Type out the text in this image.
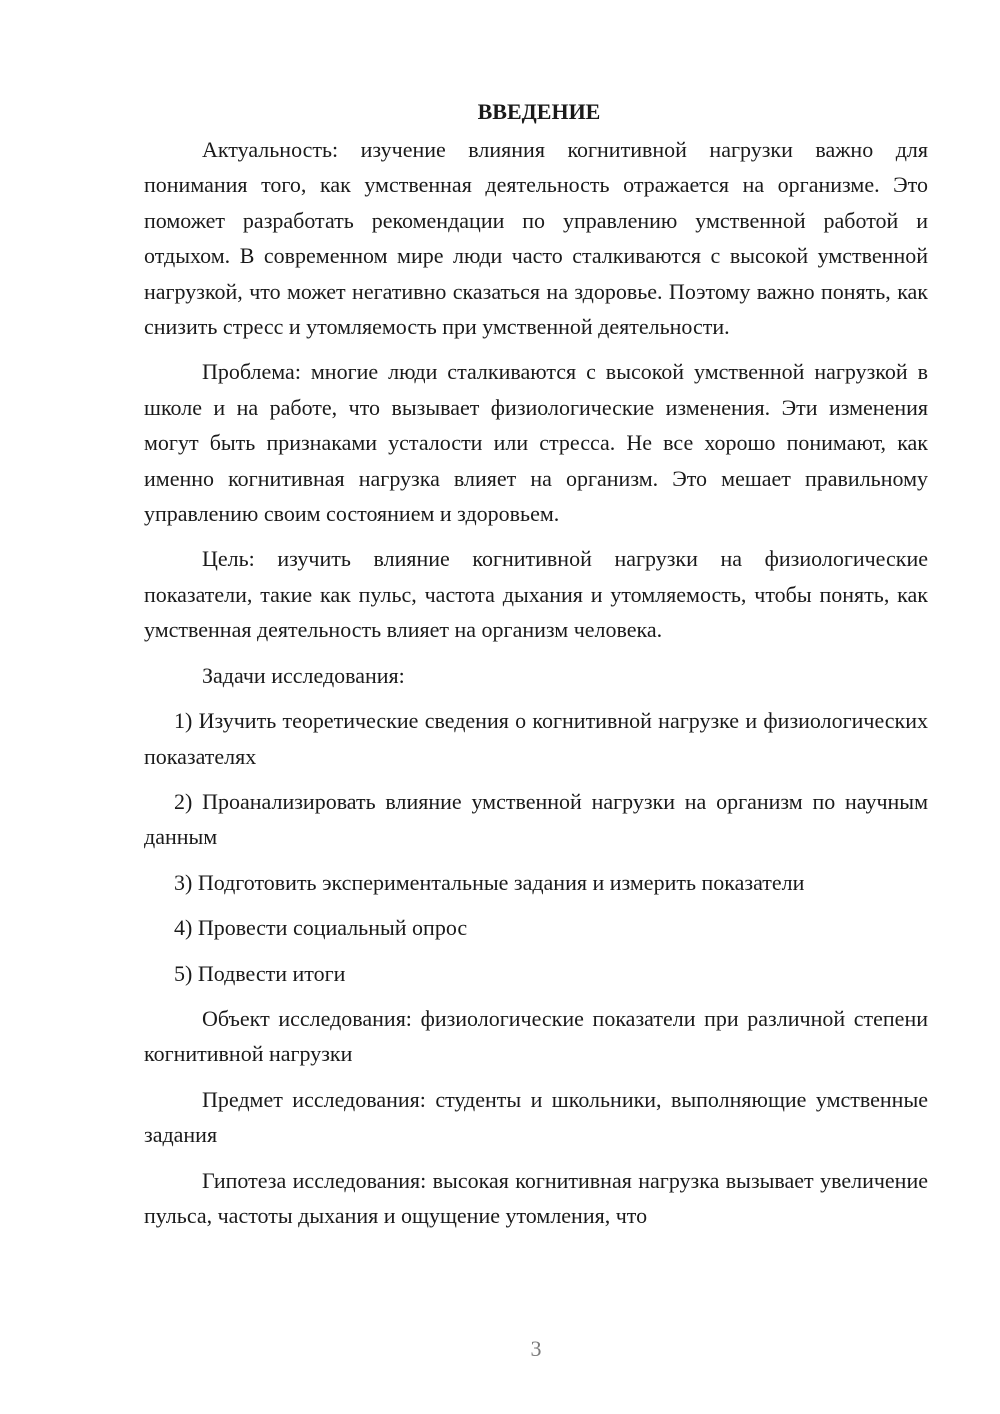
ВВЕДЕНИЕ

Актуальность: изучение влияния когнитивной нагрузки важно для понимания того, как умственная деятельность отражается на организме. Это поможет разработать рекомендации по управлению умственной работой и отдыхом. В современном мире люди часто сталкиваются с высокой умственной нагрузкой, что может негативно сказаться на здоровье. Поэтому важно понять, как снизить стресс и утомляемость при умственной деятельности.

Проблема: многие люди сталкиваются с высокой умственной нагрузкой в школе и на работе, что вызывает физиологические изменения. Эти изменения могут быть признаками усталости или стресса. Не все хорошо понимают, как именно когнитивная нагрузка влияет на организм. Это мешает правильному управлению своим состоянием и здоровьем.

Цель: изучить влияние когнитивной нагрузки на физиологические показатели, такие как пульс, частота дыхания и утомляемость, чтобы понять, как умственная деятельность влияет на организм человека.

Задачи исследования:

1) Изучить теоретические сведения о когнитивной нагрузке и физиологических показателях

2) Проанализировать влияние умственной нагрузки на организм по научным данным

3) Подготовить экспериментальные задания и измерить показатели

4) Провести социальный опрос

5) Подвести итоги

Объект исследования: физиологические показатели при различной степени когнитивной нагрузки

Предмет исследования: студенты и школьники, выполняющие умственные задания

Гипотеза исследования: высокая когнитивная нагрузка вызывает увеличение пульса, частоты дыхания и ощущение утомления, что

3
